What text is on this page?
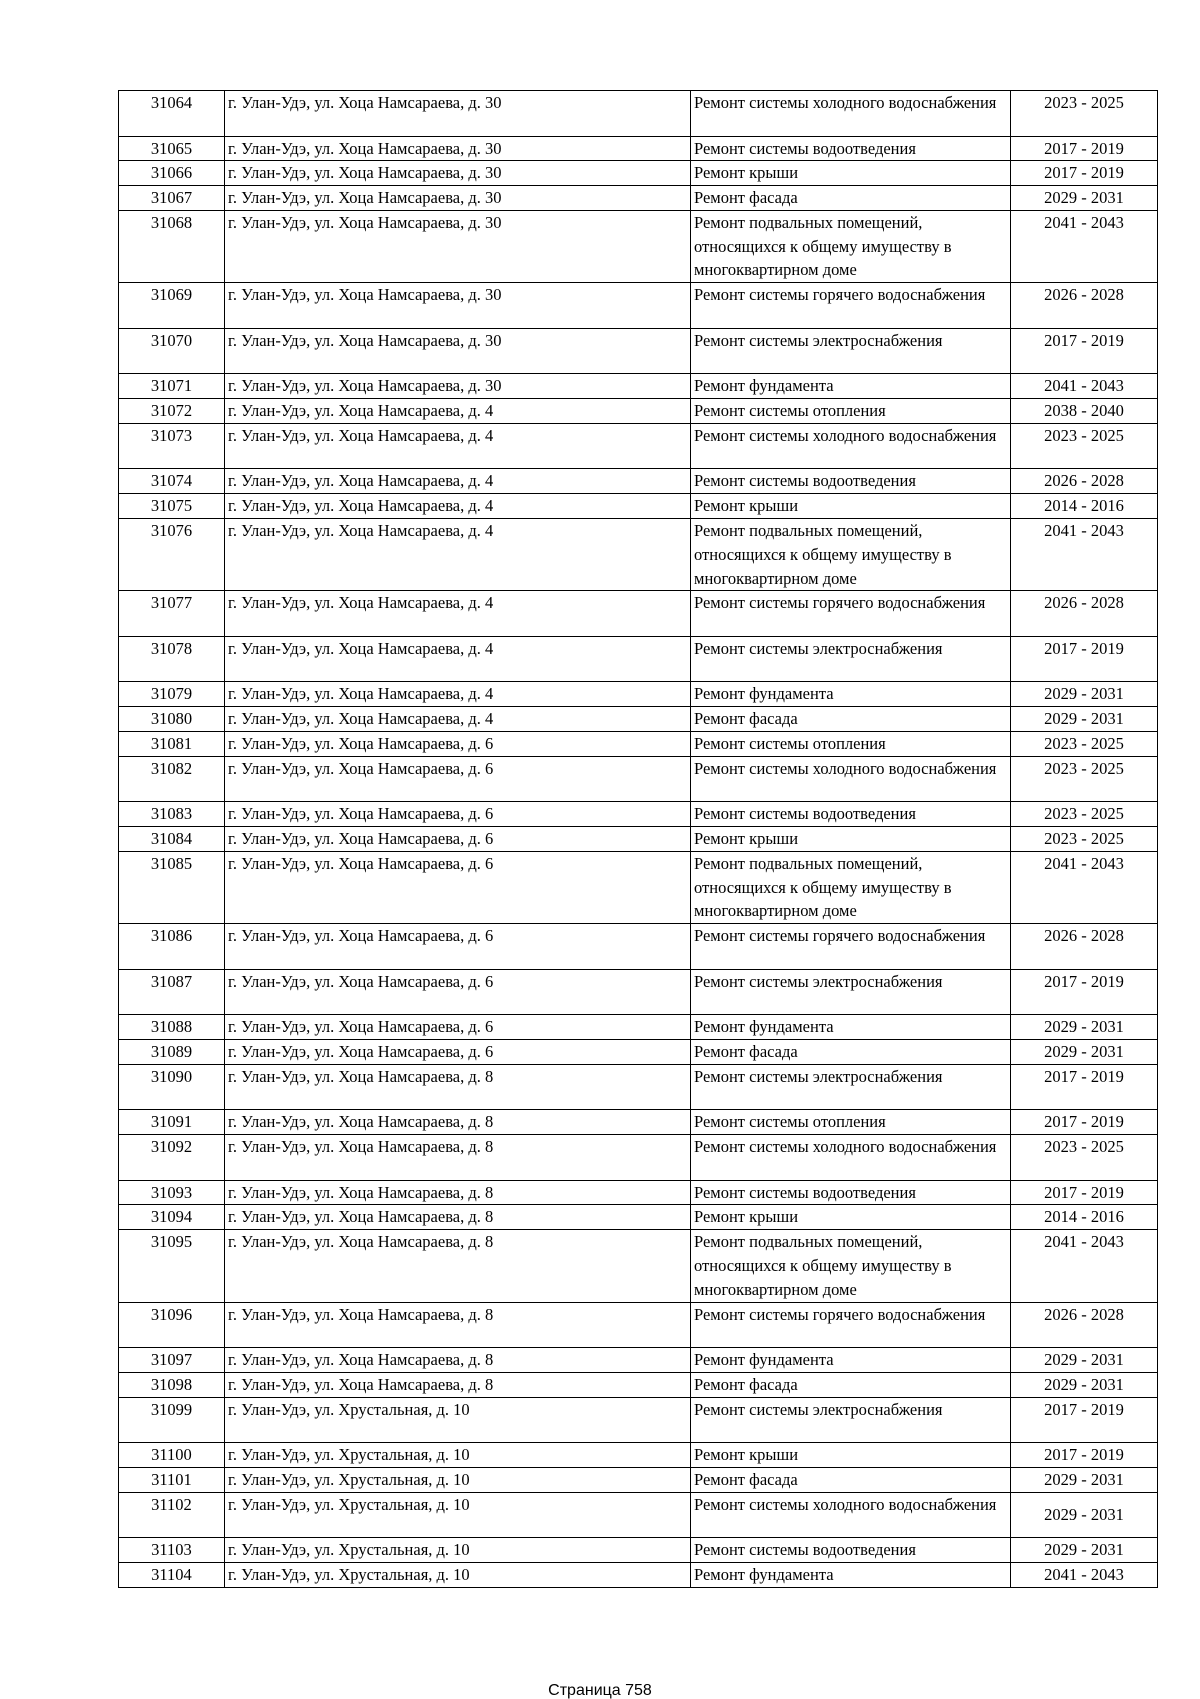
31064	г. Улан-Удэ, ул. Хоца Намсараева, д. 30	Ремонт системы холодного водоснабжения	2023 - 2025
31065	г. Улан-Удэ, ул. Хоца Намсараева, д. 30	Ремонт системы водоотведения	2017 - 2019
31066	г. Улан-Удэ, ул. Хоца Намсараева, д. 30	Ремонт крыши	2017 - 2019
31067	г. Улан-Удэ, ул. Хоца Намсараева, д. 30	Ремонт фасада	2029 - 2031
31068	г. Улан-Удэ, ул. Хоца Намсараева, д. 30	Ремонт подвальных помещений, относящихся к общему имуществу в многоквартирном доме	2041 - 2043
31069	г. Улан-Удэ, ул. Хоца Намсараева, д. 30	Ремонт системы горячего водоснабжения	2026 - 2028
31070	г. Улан-Удэ, ул. Хоца Намсараева, д. 30	Ремонт системы электроснабжения	2017 - 2019
31071	г. Улан-Удэ, ул. Хоца Намсараева, д. 30	Ремонт фундамента	2041 - 2043
31072	г. Улан-Удэ, ул. Хоца Намсараева, д. 4	Ремонт системы отопления	2038 - 2040
31073	г. Улан-Удэ, ул. Хоца Намсараева, д. 4	Ремонт системы холодного водоснабжения	2023 - 2025
31074	г. Улан-Удэ, ул. Хоца Намсараева, д. 4	Ремонт системы водоотведения	2026 - 2028
31075	г. Улан-Удэ, ул. Хоца Намсараева, д. 4	Ремонт крыши	2014 - 2016
31076	г. Улан-Удэ, ул. Хоца Намсараева, д. 4	Ремонт подвальных помещений, относящихся к общему имуществу в многоквартирном доме	2041 - 2043
31077	г. Улан-Удэ, ул. Хоца Намсараева, д. 4	Ремонт системы горячего водоснабжения	2026 - 2028
31078	г. Улан-Удэ, ул. Хоца Намсараева, д. 4	Ремонт системы электроснабжения	2017 - 2019
31079	г. Улан-Удэ, ул. Хоца Намсараева, д. 4	Ремонт фундамента	2029 - 2031
31080	г. Улан-Удэ, ул. Хоца Намсараева, д. 4	Ремонт фасада	2029 - 2031
31081	г. Улан-Удэ, ул. Хоца Намсараева, д. 6	Ремонт системы отопления	2023 - 2025
31082	г. Улан-Удэ, ул. Хоца Намсараева, д. 6	Ремонт системы холодного водоснабжения	2023 - 2025
31083	г. Улан-Удэ, ул. Хоца Намсараева, д. 6	Ремонт системы водоотведения	2023 - 2025
31084	г. Улан-Удэ, ул. Хоца Намсараева, д. 6	Ремонт крыши	2023 - 2025
31085	г. Улан-Удэ, ул. Хоца Намсараева, д. 6	Ремонт подвальных помещений, относящихся к общему имуществу в многоквартирном доме	2041 - 2043
31086	г. Улан-Удэ, ул. Хоца Намсараева, д. 6	Ремонт системы горячего водоснабжения	2026 - 2028
31087	г. Улан-Удэ, ул. Хоца Намсараева, д. 6	Ремонт системы электроснабжения	2017 - 2019
31088	г. Улан-Удэ, ул. Хоца Намсараева, д. 6	Ремонт фундамента	2029 - 2031
31089	г. Улан-Удэ, ул. Хоца Намсараева, д. 6	Ремонт фасада	2029 - 2031
31090	г. Улан-Удэ, ул. Хоца Намсараева, д. 8	Ремонт системы электроснабжения	2017 - 2019
31091	г. Улан-Удэ, ул. Хоца Намсараева, д. 8	Ремонт системы отопления	2017 - 2019
31092	г. Улан-Удэ, ул. Хоца Намсараева, д. 8	Ремонт системы холодного водоснабжения	2023 - 2025
31093	г. Улан-Удэ, ул. Хоца Намсараева, д. 8	Ремонт системы водоотведения	2017 - 2019
31094	г. Улан-Удэ, ул. Хоца Намсараева, д. 8	Ремонт крыши	2014 - 2016
31095	г. Улан-Удэ, ул. Хоца Намсараева, д. 8	Ремонт подвальных помещений, относящихся к общему имуществу в многоквартирном доме	2041 - 2043
31096	г. Улан-Удэ, ул. Хоца Намсараева, д. 8	Ремонт системы горячего водоснабжения	2026 - 2028
31097	г. Улан-Удэ, ул. Хоца Намсараева, д. 8	Ремонт фундамента	2029 - 2031
31098	г. Улан-Удэ, ул. Хоца Намсараева, д. 8	Ремонт фасада	2029 - 2031
31099	г. Улан-Удэ, ул. Хрустальная, д. 10	Ремонт системы электроснабжения	2017 - 2019
31100	г. Улан-Удэ, ул. Хрустальная, д. 10	Ремонт крыши	2017 - 2019
31101	г. Улан-Удэ, ул. Хрустальная, д. 10	Ремонт фасада	2029 - 2031
31102	г. Улан-Удэ, ул. Хрустальная, д. 10	Ремонт системы холодного водоснабжения	2029 - 2031
31103	г. Улан-Удэ, ул. Хрустальная, д. 10	Ремонт системы водоотведения	2029 - 2031
31104	г. Улан-Удэ, ул. Хрустальная, д. 10	Ремонт фундамента	2041 - 2043
Страница 758
